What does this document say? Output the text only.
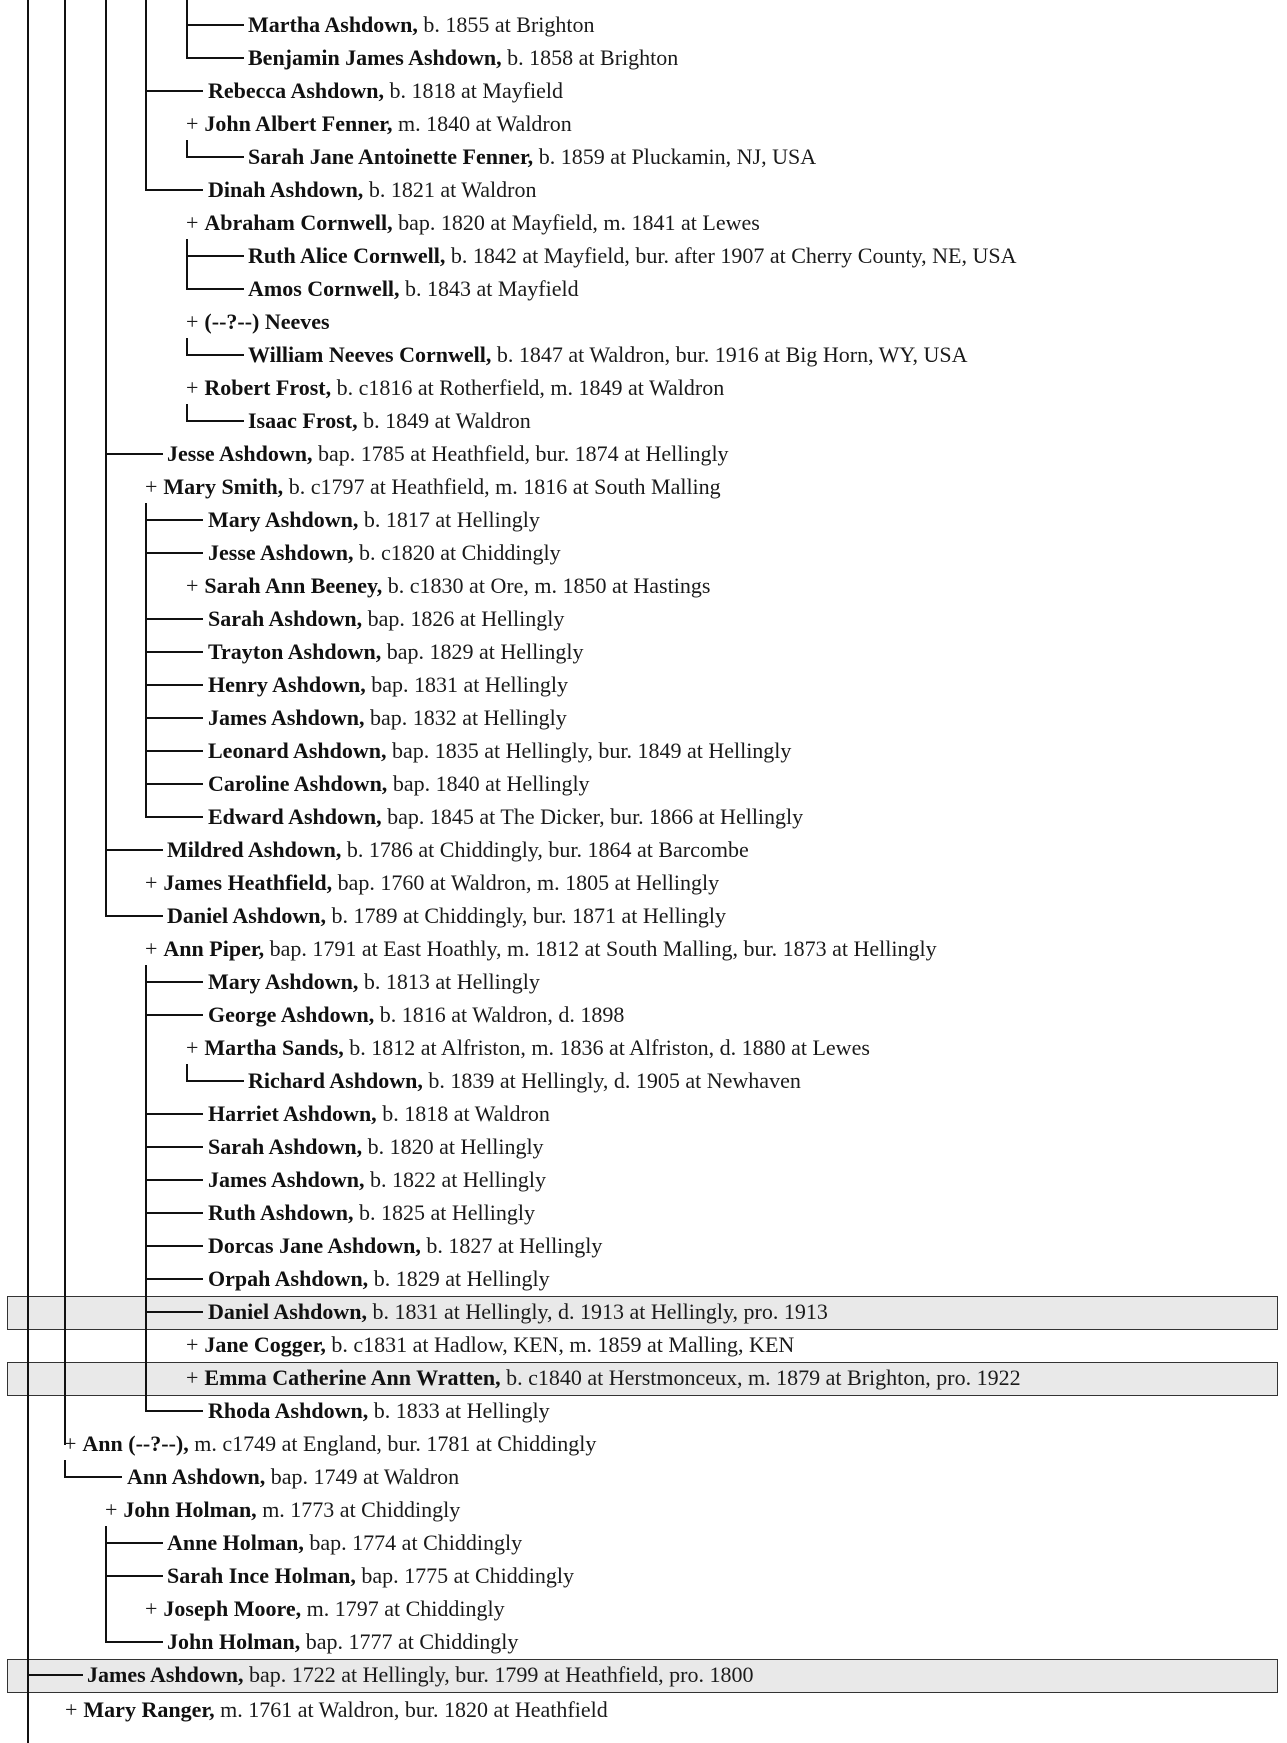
Martha Ashdown, b. 1855 at Brighton
Benjamin James Ashdown, b. 1858 at Brighton
Rebecca Ashdown, b. 1818 at Mayfield
+ John Albert Fenner, m. 1840 at Waldron
Sarah Jane Antoinette Fenner, b. 1859 at Pluckamin, NJ, USA
Dinah Ashdown, b. 1821 at Waldron
+ Abraham Cornwell, bap. 1820 at Mayfield, m. 1841 at Lewes
Ruth Alice Cornwell, b. 1842 at Mayfield, bur. after 1907 at Cherry County, NE, USA
Amos Cornwell, b. 1843 at Mayfield
+ (--?--) Neeves
William Neeves Cornwell, b. 1847 at Waldron, bur. 1916 at Big Horn, WY, USA
+ Robert Frost, b. c1816 at Rotherfield, m. 1849 at Waldron
Isaac Frost, b. 1849 at Waldron
Jesse Ashdown, bap. 1785 at Heathfield, bur. 1874 at Hellingly
+ Mary Smith, b. c1797 at Heathfield, m. 1816 at South Malling
Mary Ashdown, b. 1817 at Hellingly
Jesse Ashdown, b. c1820 at Chiddingly
+ Sarah Ann Beeney, b. c1830 at Ore, m. 1850 at Hastings
Sarah Ashdown, bap. 1826 at Hellingly
Trayton Ashdown, bap. 1829 at Hellingly
Henry Ashdown, bap. 1831 at Hellingly
James Ashdown, bap. 1832 at Hellingly
Leonard Ashdown, bap. 1835 at Hellingly, bur. 1849 at Hellingly
Caroline Ashdown, bap. 1840 at Hellingly
Edward Ashdown, bap. 1845 at The Dicker, bur. 1866 at Hellingly
Mildred Ashdown, b. 1786 at Chiddingly, bur. 1864 at Barcombe
+ James Heathfield, bap. 1760 at Waldron, m. 1805 at Hellingly
Daniel Ashdown, b. 1789 at Chiddingly, bur. 1871 at Hellingly
+ Ann Piper, bap. 1791 at East Hoathly, m. 1812 at South Malling, bur. 1873 at Hellingly
Mary Ashdown, b. 1813 at Hellingly
George Ashdown, b. 1816 at Waldron, d. 1898
+ Martha Sands, b. 1812 at Alfriston, m. 1836 at Alfriston, d. 1880 at Lewes
Richard Ashdown, b. 1839 at Hellingly, d. 1905 at Newhaven
Harriet Ashdown, b. 1818 at Waldron
Sarah Ashdown, b. 1820 at Hellingly
James Ashdown, b. 1822 at Hellingly
Ruth Ashdown, b. 1825 at Hellingly
Dorcas Jane Ashdown, b. 1827 at Hellingly
Orpah Ashdown, b. 1829 at Hellingly
Daniel Ashdown, b. 1831 at Hellingly, d. 1913 at Hellingly, pro. 1913
+ Jane Cogger, b. c1831 at Hadlow, KEN, m. 1859 at Malling, KEN
+ Emma Catherine Ann Wratten, b. c1840 at Herstmonceux, m. 1879 at Brighton, pro. 1922
Rhoda Ashdown, b. 1833 at Hellingly
+ Ann (--?--), m. c1749 at England, bur. 1781 at Chiddingly
Ann Ashdown, bap. 1749 at Waldron
+ John Holman, m. 1773 at Chiddingly
Anne Holman, bap. 1774 at Chiddingly
Sarah Ince Holman, bap. 1775 at Chiddingly
+ Joseph Moore, m. 1797 at Chiddingly
John Holman, bap. 1777 at Chiddingly
James Ashdown, bap. 1722 at Hellingly, bur. 1799 at Heathfield, pro. 1800
+ Mary Ranger, m. 1761 at Waldron, bur. 1820 at Heathfield
